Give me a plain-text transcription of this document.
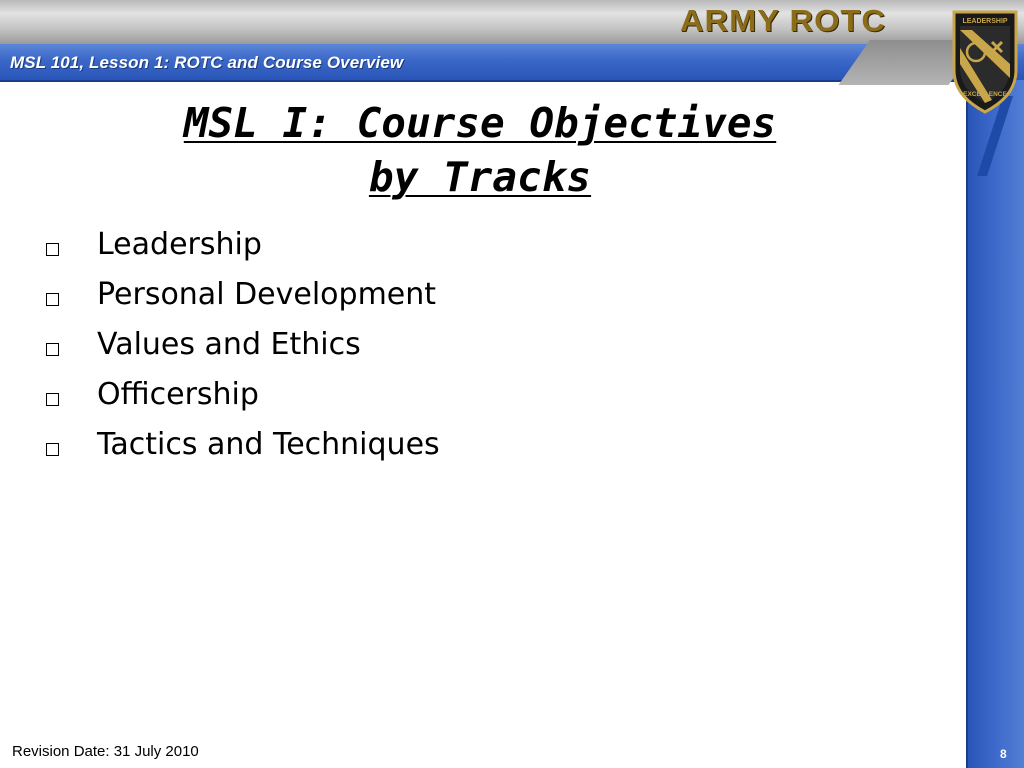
MSL 101, Lesson 1: ROTC and Course Overview
ARMY ROTC	LEADERSHIP
EXCELLENCE
MSL I: Course Objectives
by Tracks
Leadership
Personal Development
Values and Ethics
Officership
Tactics and Techniques
Revision Date: 31 July 2010	8
